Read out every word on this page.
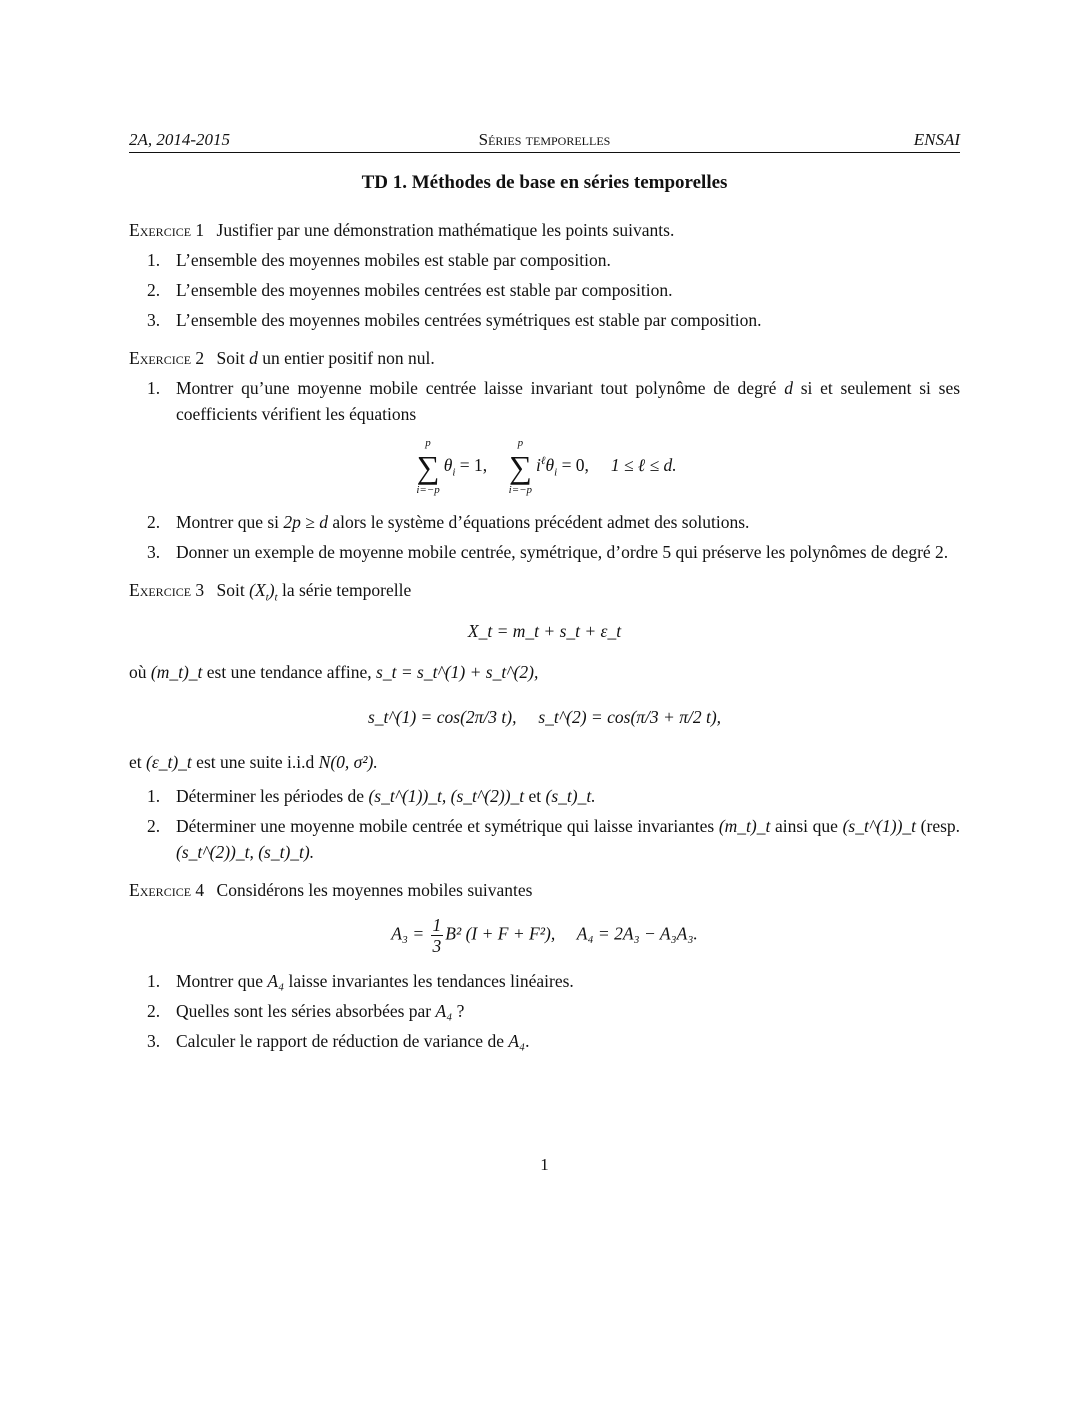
2A, 2014-2015	Séries temporelles	ENSAI
TD 1. Méthodes de base en séries temporelles
Exercice 1 Justifier par une démonstration mathématique les points suivants.
1. L’ensemble des moyennes mobiles est stable par composition.
2. L’ensemble des moyennes mobiles centrées est stable par composition.
3. L’ensemble des moyennes mobiles centrées symétriques est stable par composition.
Exercice 2 Soit d un entier positif non nul.
1. Montrer qu’une moyenne mobile centrée laisse invariant tout polynôme de degré d si et seulement si ses coefficients vérifient les équations
p
∑
i=−p
$\theta_i = 1$,
p
∑
i=−p
$i^\ell\theta_i = 0$, 1 ≤ ℓ ≤ d.
2. Montrer que si 2p ≥ d alors le système d’équations précédent admet des solutions.
3. Donner un exemple de moyenne mobile centrée, symétrique, d’ordre 5 qui préserve les polynômes de degré 2.
Exercice 3 Soit $(X_t)_t$ la série temporelle
X_t = m_t + s_t + ε_t
où (m_t)_t est une tendance affine, s_t = s_t^(1) + s_t^(2),
s_t^(1) = cos(2π/3 t), s_t^(2) = cos(π/3 + π/2 t),
et (ε_t)_t est une suite i.i.d N(0, σ²).
1. Déterminer les périodes de (s_t^(1))_t, (s_t^(2))_t et (s_t)_t.
2. Déterminer une moyenne mobile centrée et symétrique qui laisse invariantes (m_t)_t ainsi que (s_t^(1))_t (resp. (s_t^(2))_t, (s_t)_t).
Exercice 4 Considérons les moyennes mobiles suivantes
$A_3 = \frac{1}{3} B^2$ (I + F + F²), A₄ = 2A₃ − A₃A₃.
1. Montrer que A₄ laisse invariantes les tendances linéaires.
2. Quelles sont les séries absorbées par A₄ ?
3. Calculer le rapport de réduction de variance de A₄.
1
